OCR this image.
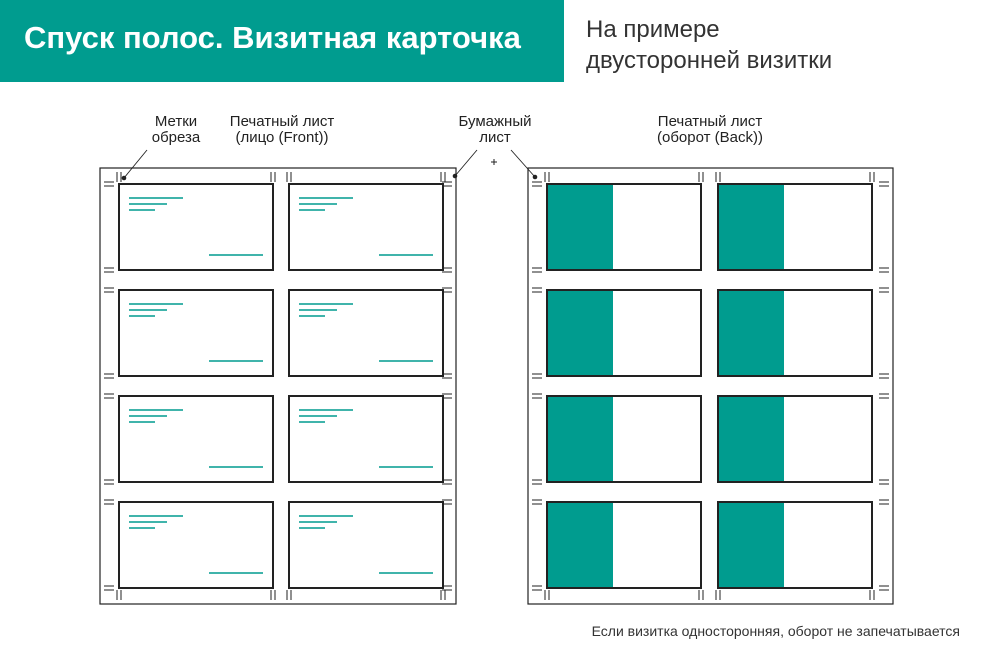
Спуск полос. Визитная карточка	На примере
двусторонней визитки
Метки
обреза
Печатный лист
(лицо (Front))
Бумажный
лист
Печатный лист
(оборот (Back))
Если визитка односторонняя, оборот не запечатывается
